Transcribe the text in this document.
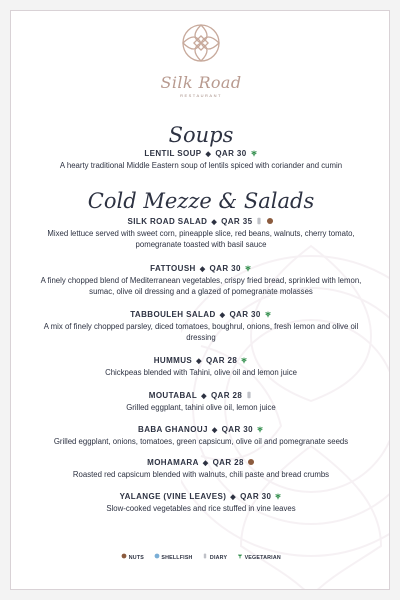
Silk Road
RESTAURANT
Soups
LENTIL SOUP ◆ QAR 30
A hearty traditional Middle Eastern soup of lentils spiced with coriander and cumin
Cold Mezze & Salads
SILK ROAD SALAD ◆ QAR 35
Mixed lettuce served with sweet corn, pineapple slice, red beans, walnuts, cherry tomato, pomegranate toasted with basil sauce
FATTOUSH ◆ QAR 30
A finely chopped blend of Mediterranean vegetables, crispy fried bread, sprinkled with lemon, sumac, olive oil dressing and a glazed of pomegranate molasses
TABBOULEH SALAD ◆ QAR 30
A mix of finely chopped parsley, diced tomatoes, boughrul, onions, fresh lemon and olive oil dressing
HUMMUS ◆ QAR 28
Chickpeas blended with Tahini, olive oil and lemon juice
MOUTABAL ◆ QAR 28
Grilled eggplant, tahini olive oil, lemon juice
BABA GHANOUJ ◆ QAR 30
Grilled eggplant, onions, tomatoes, green capsicum, olive oil and pomegranate seeds
MOHAMARA ◆ QAR 28
Roasted red capsicum blended with walnuts, chili paste and bread crumbs
YALANGE (VINE LEAVES) ◆ QAR 30
Slow-cooked vegetables and rice stuffed in vine leaves
NUTS	SHELLFISH	DIARY	VEGETARIAN
